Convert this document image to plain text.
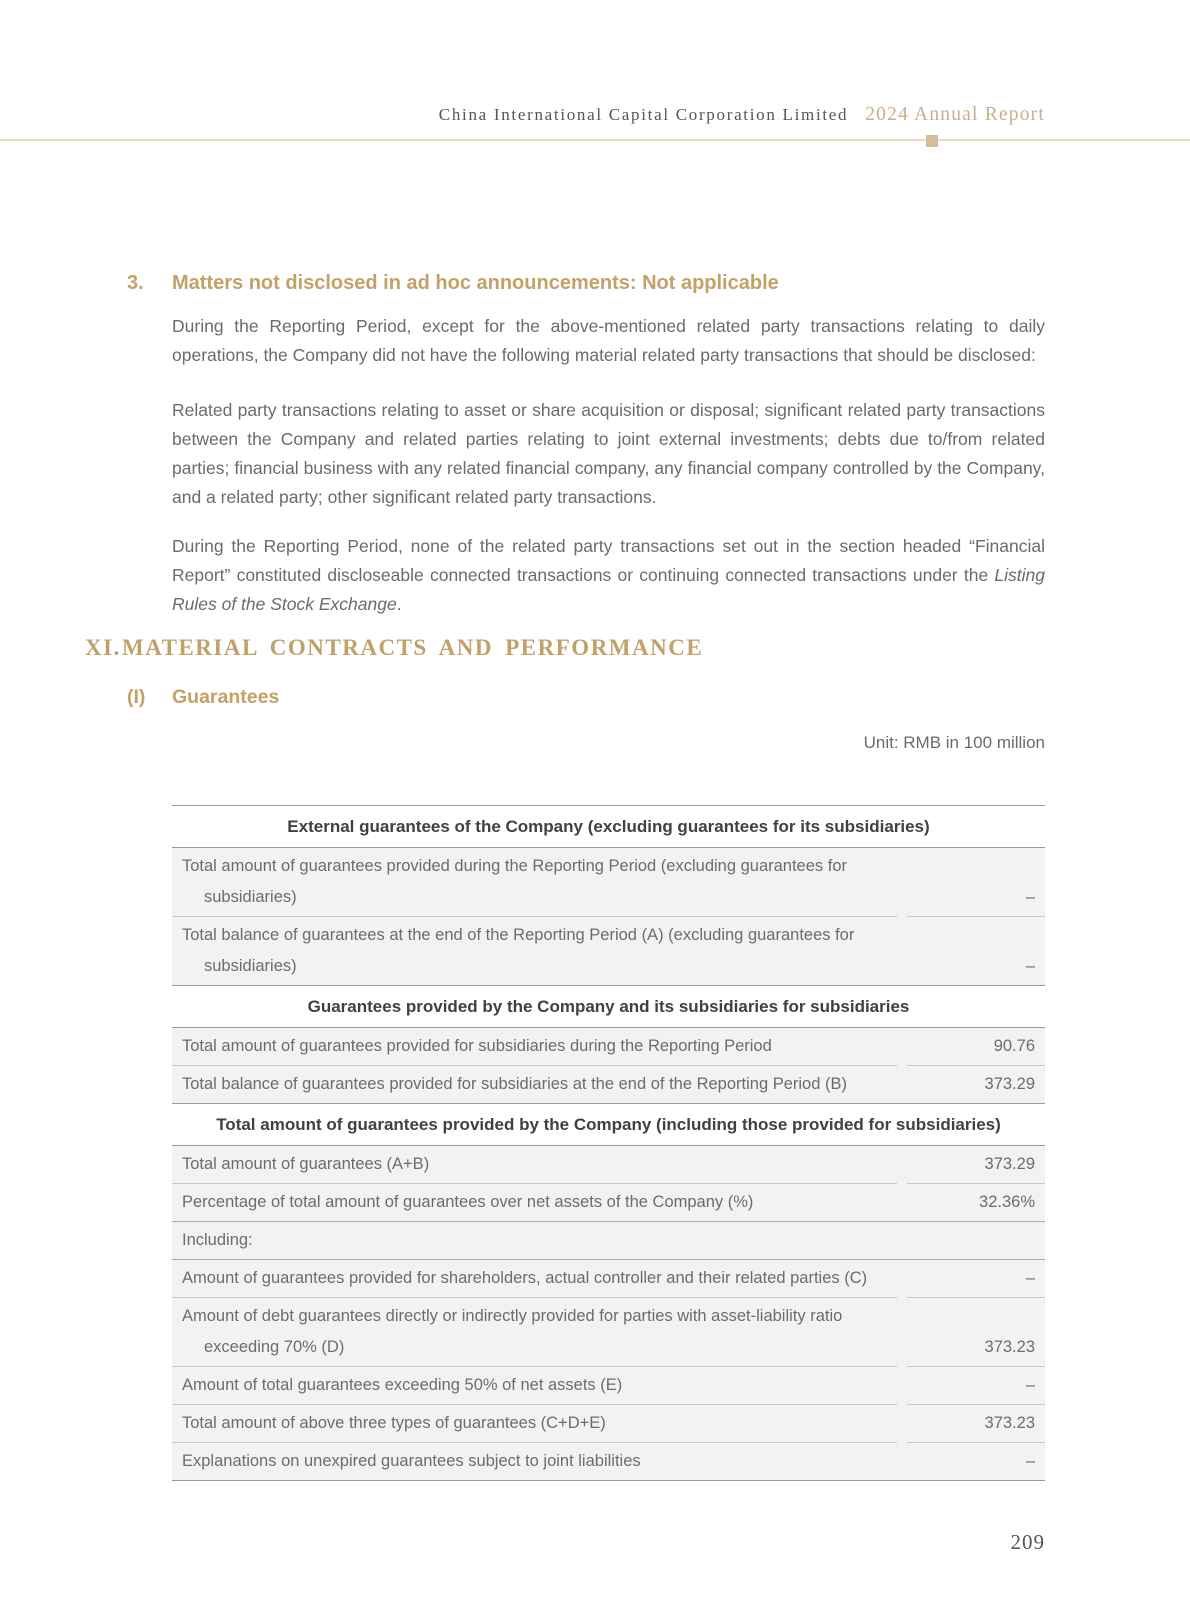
China International Capital Corporation Limited 2024 Annual Report
3.	Matters not disclosed in ad hoc announcements: Not applicable

During the Reporting Period, except for the above-mentioned related party transactions relating to daily operations, the Company did not have the following material related party transactions that should be disclosed:

Related party transactions relating to asset or share acquisition or disposal; significant related party transactions between the Company and related parties relating to joint external investments; debts due to/from related parties; financial business with any related financial company, any financial company controlled by the Company, and a related party; other significant related party transactions.

During the Reporting Period, none of the related party transactions set out in the section headed “Financial Report” constituted discloseable connected transactions or continuing connected transactions under the Listing Rules of the Stock Exchange.

XI. MATERIAL CONTRACTS AND PERFORMANCE
(I)	Guarantees
Unit: RMB in 100 million
External guarantees of the Company (excluding guarantees for its subsidiaries)
Total amount of guarantees provided during the Reporting Period (excluding guarantees for
subsidiaries)	–
Total balance of guarantees at the end of the Reporting Period (A) (excluding guarantees for
subsidiaries)	–
Guarantees provided by the Company and its subsidiaries for subsidiaries
Total amount of guarantees provided for subsidiaries during the Reporting Period	90.76
Total balance of guarantees provided for subsidiaries at the end of the Reporting Period (B)	373.29
Total amount of guarantees provided by the Company (including those provided for subsidiaries)
Total amount of guarantees (A+B)	373.29
Percentage of total amount of guarantees over net assets of the Company (%)	32.36%
Including:
Amount of guarantees provided for shareholders, actual controller and their related parties (C)	–
Amount of debt guarantees directly or indirectly provided for parties with asset-liability ratio
exceeding 70% (D)	373.23
Amount of total guarantees exceeding 50% of net assets (E)	–
Total amount of above three types of guarantees (C+D+E)	373.23
Explanations on unexpired guarantees subject to joint liabilities	–
209
